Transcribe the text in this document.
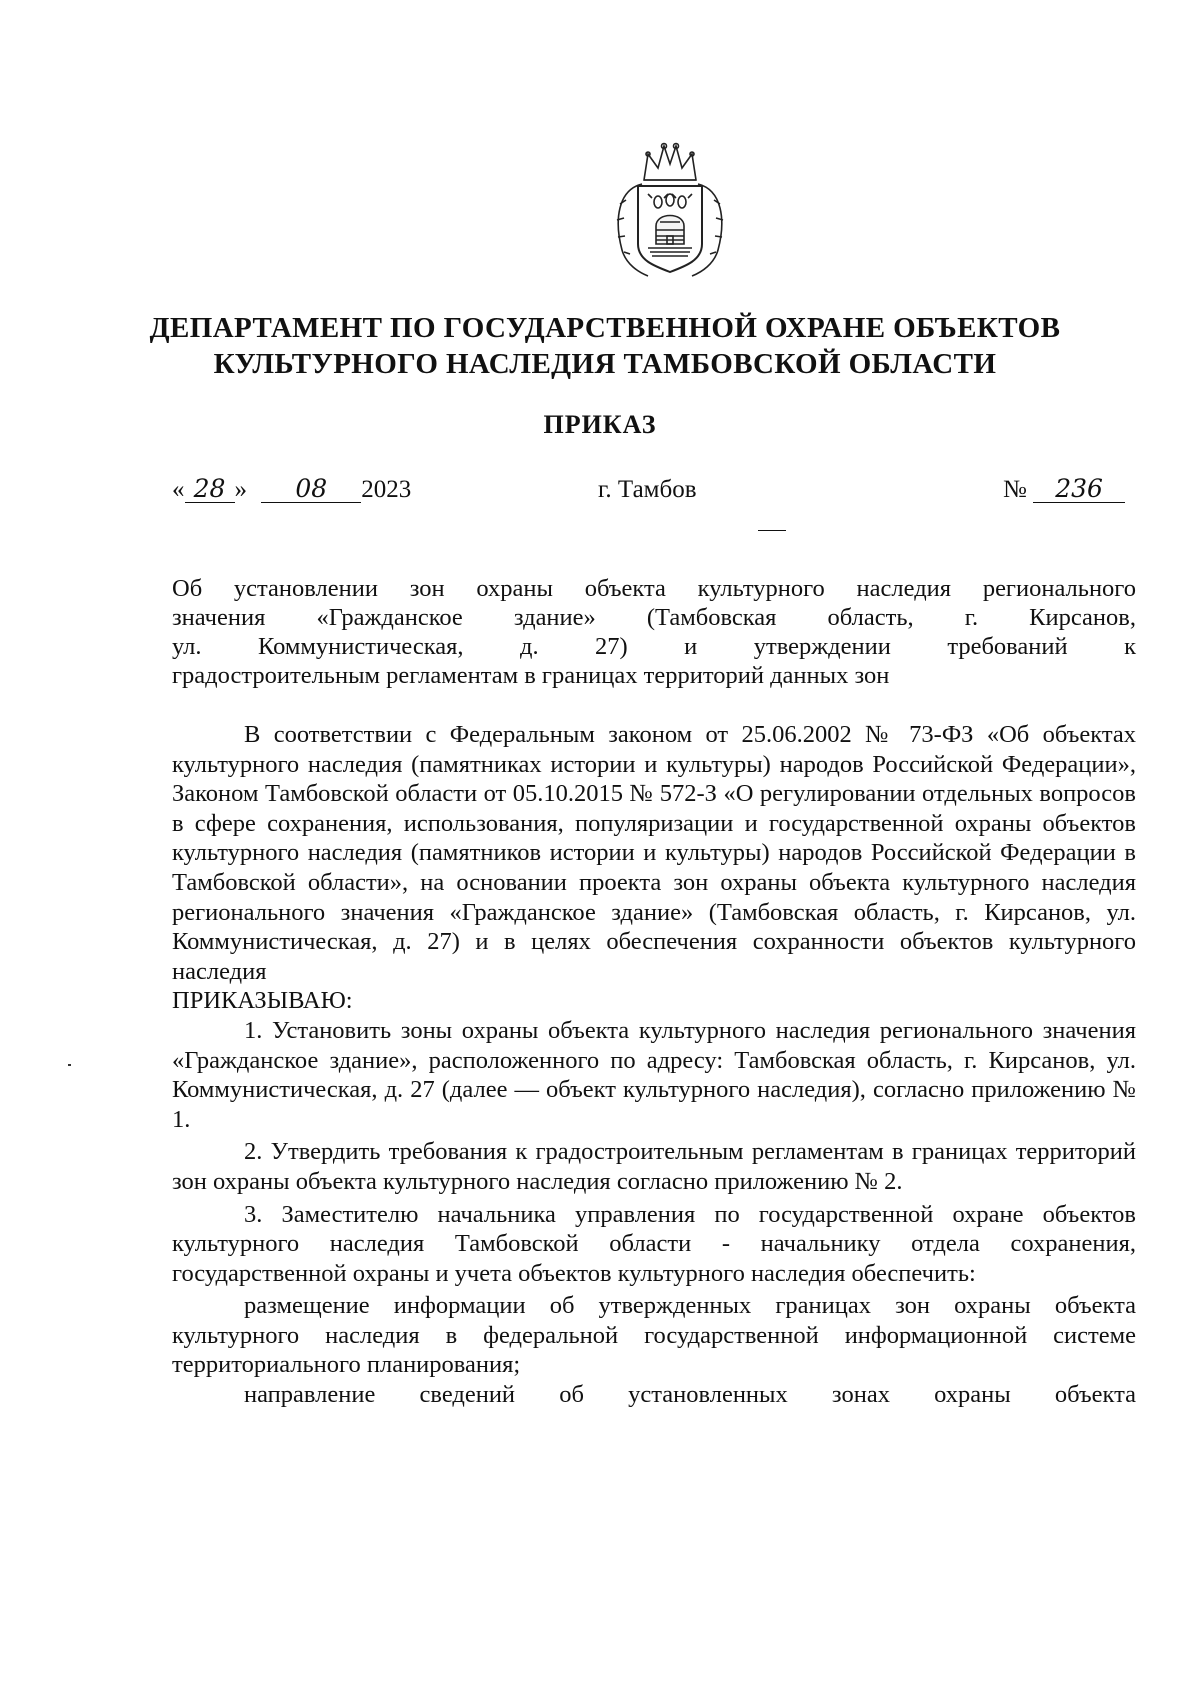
ДЕПАРТАМЕНТ ПО ГОСУДАРСТВЕННОЙ ОХРАНЕ ОБЪЕКТОВ
КУЛЬТУРНОГО НАСЛЕДИЯ ТАМБОВСКОЙ ОБЛАСТИ
ПРИКАЗ
« 28 » 08 2023	г. Тамбов	№ 236
Об установлении зон охраны объекта культурного наследия регионального
значения «Гражданское здание» (Тамбовская область, г. Кирсанов,
ул. Коммунистическая, д. 27) и утверждении требований к
градостроительным регламентам в границах территорий данных зон

В соответствии с Федеральным законом от 25.06.2002 № 73-ФЗ «Об объектах культурного наследия (памятниках истории и культуры) народов Российской Федерации», Законом Тамбовской области от 05.10.2015 № 572-З «О регулировании отдельных вопросов в сфере сохранения, использования, популяризации и государственной охраны объектов культурного наследия (памятников истории и культуры) народов Российской Федерации в Тамбовской области», на основании проекта зон охраны объекта культурного наследия регионального значения «Гражданское здание» (Тамбовская область, г. Кирсанов, ул. Коммунистическая, д. 27) и в целях обеспечения сохранности объектов культурного наследия

ПРИКАЗЫВАЮ:

1. Установить зоны охраны объекта культурного наследия регионального значения «Гражданское здание», расположенного по адресу: Тамбовская область, г. Кирсанов, ул. Коммунистическая, д. 27 (далее — объект культурного наследия), согласно приложению № 1.

2. Утвердить требования к градостроительным регламентам в границах территорий зон охраны объекта культурного наследия согласно приложению № 2.

3. Заместителю начальника управления по государственной охране объектов культурного наследия Тамбовской области - начальнику отдела сохранения, государственной охраны и учета объектов культурного наследия обеспечить:

размещение информации об утвержденных границах зон охраны объекта культурного наследия в федеральной государственной информационной системе территориального планирования;

направление сведений об установленных зонах охраны объекта
